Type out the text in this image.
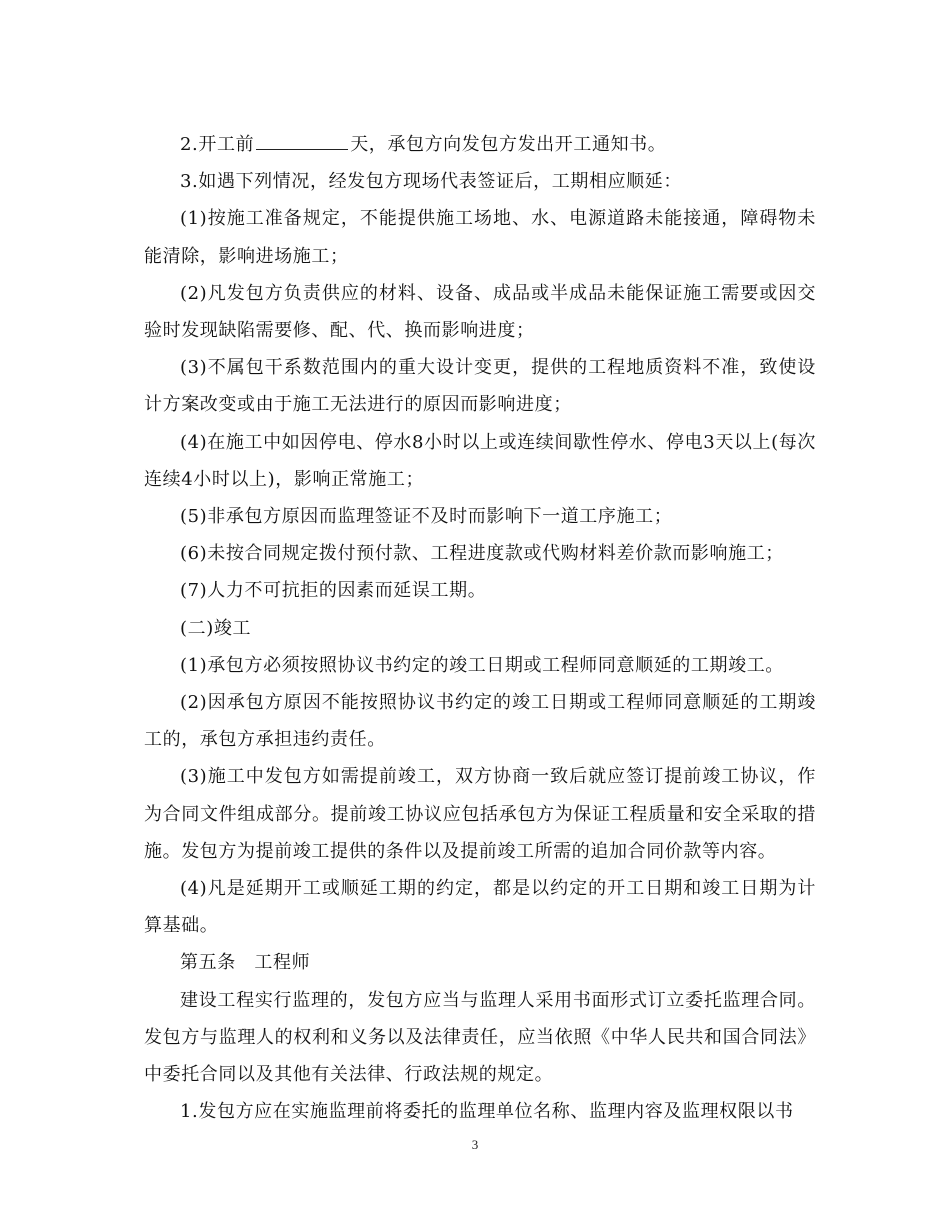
2.开工前	天，承包方向发包方发出开工通知书。

3.如遇下列情况，经发包方现场代表签证后，工期相应顺延：

(1)按施工准备规定，不能提供施工场地、水、电源道路未能接通，障碍物未能清除，影响进场施工；

(2)凡发包方负责供应的材料、设备、成品或半成品未能保证施工需要或因交验时发现缺陷需要修、配、代、换而影响进度；

(3)不属包干系数范围内的重大设计变更，提供的工程地质资料不准，致使设计方案改变或由于施工无法进行的原因而影响进度；

(4)在施工中如因停电、停水8小时以上或连续间歇性停水、停电3天以上(每次连续4小时以上)，影响正常施工；

(5)非承包方原因而监理签证不及时而影响下一道工序施工；

(6)未按合同规定拨付预付款、工程进度款或代购材料差价款而影响施工；

(7)人力不可抗拒的因素而延误工期。

(二)竣工

(1)承包方必须按照协议书约定的竣工日期或工程师同意顺延的工期竣工。

(2)因承包方原因不能按照协议书约定的竣工日期或工程师同意顺延的工期竣工的，承包方承担违约责任。

(3)施工中发包方如需提前竣工，双方协商一致后就应签订提前竣工协议，作为合同文件组成部分。提前竣工协议应包括承包方为保证工程质量和安全采取的措施。发包方为提前竣工提供的条件以及提前竣工所需的追加合同价款等内容。

(4)凡是延期开工或顺延工期的约定，都是以约定的开工日期和竣工日期为计算基础。

第五条　工程师

建设工程实行监理的，发包方应当与监理人采用书面形式订立委托监理合同。发包方与监理人的权利和义务以及法律责任，应当依照《中华人民共和国合同法》中委托合同以及其他有关法律、行政法规的规定。

1.发包方应在实施监理前将委托的监理单位名称、监理内容及监理权限以书

3
